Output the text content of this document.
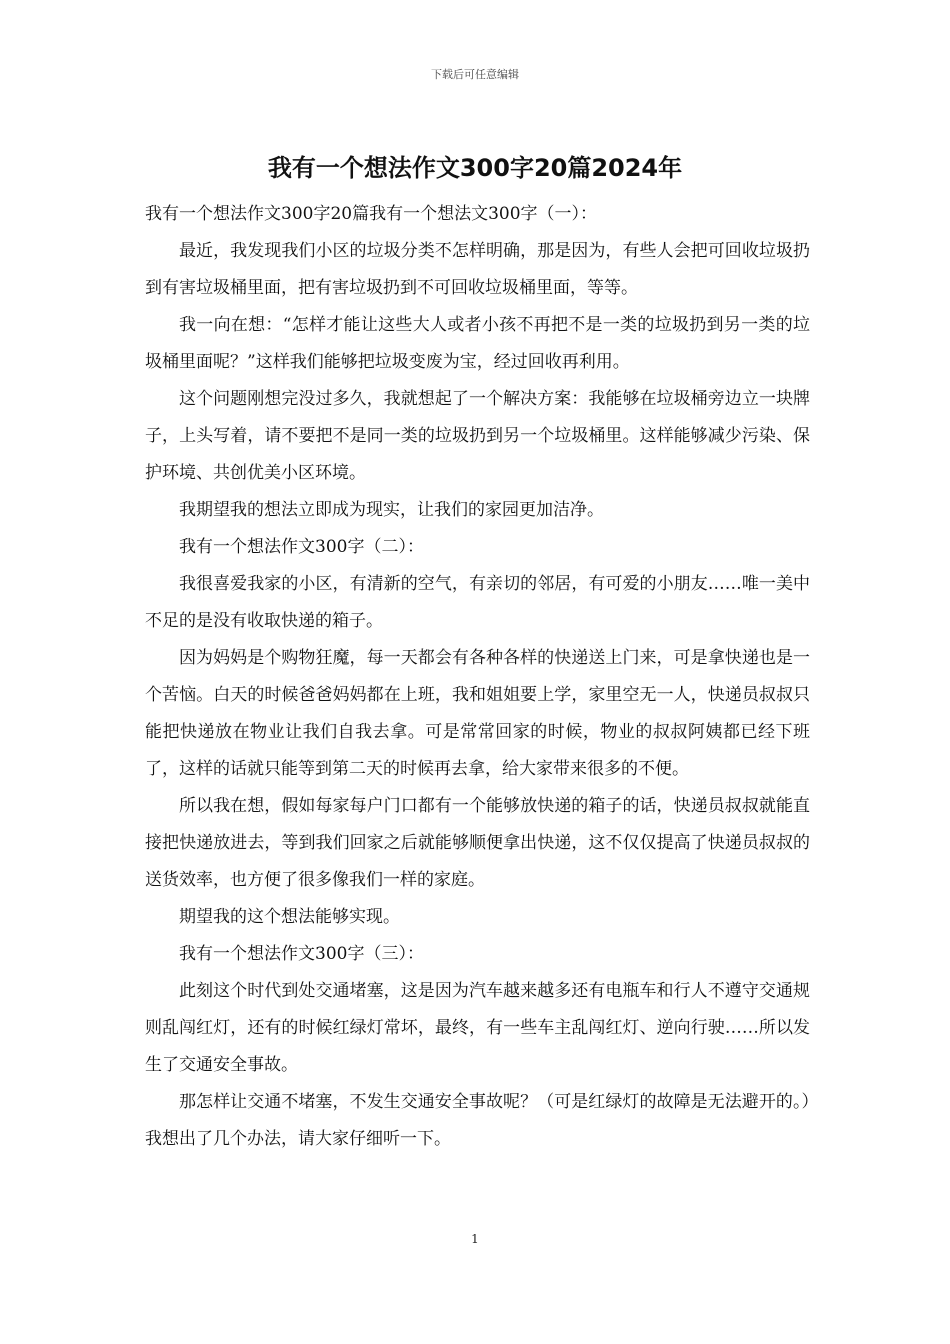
下载后可任意编辑
我有一个想法作文300字20篇2024年

我有一个想法作文300字20篇我有一个想法文300字（一）：

最近，我发现我们小区的垃圾分类不怎样明确，那是因为，有些人会把可回收垃圾扔到有害垃圾桶里面，把有害垃圾扔到不可回收垃圾桶里面，等等。

我一向在想：“怎样才能让这些大人或者小孩不再把不是一类的垃圾扔到另一类的垃圾桶里面呢？”这样我们能够把垃圾变废为宝，经过回收再利用。

这个问题刚想完没过多久，我就想起了一个解决方案：我能够在垃圾桶旁边立一块牌子，上头写着，请不要把不是同一类的垃圾扔到另一个垃圾桶里。这样能够减少污染、保护环境、共创优美小区环境。

我期望我的想法立即成为现实，让我们的家园更加洁净。

我有一个想法作文300字（二）：

我很喜爱我家的小区，有清新的空气，有亲切的邻居，有可爱的小朋友……唯一美中不足的是没有收取快递的箱子。

因为妈妈是个购物狂魔，每一天都会有各种各样的快递送上门来，可是拿快递也是一个苦恼。白天的时候爸爸妈妈都在上班，我和姐姐要上学，家里空无一人，快递员叔叔只能把快递放在物业让我们自我去拿。可是常常回家的时候，物业的叔叔阿姨都已经下班了，这样的话就只能等到第二天的时候再去拿，给大家带来很多的不便。

所以我在想，假如每家每户门口都有一个能够放快递的箱子的话，快递员叔叔就能直接把快递放进去，等到我们回家之后就能够顺便拿出快递，这不仅仅提高了快递员叔叔的送货效率，也方便了很多像我们一样的家庭。

期望我的这个想法能够实现。

我有一个想法作文300字（三）：

此刻这个时代到处交通堵塞，这是因为汽车越来越多还有电瓶车和行人不遵守交通规则乱闯红灯，还有的时候红绿灯常坏，最终，有一些车主乱闯红灯、逆向行驶……所以发生了交通安全事故。

那怎样让交通不堵塞，不发生交通安全事故呢？（可是红绿灯的故障是无法避开的。）我想出了几个办法，请大家仔细听一下。

1
